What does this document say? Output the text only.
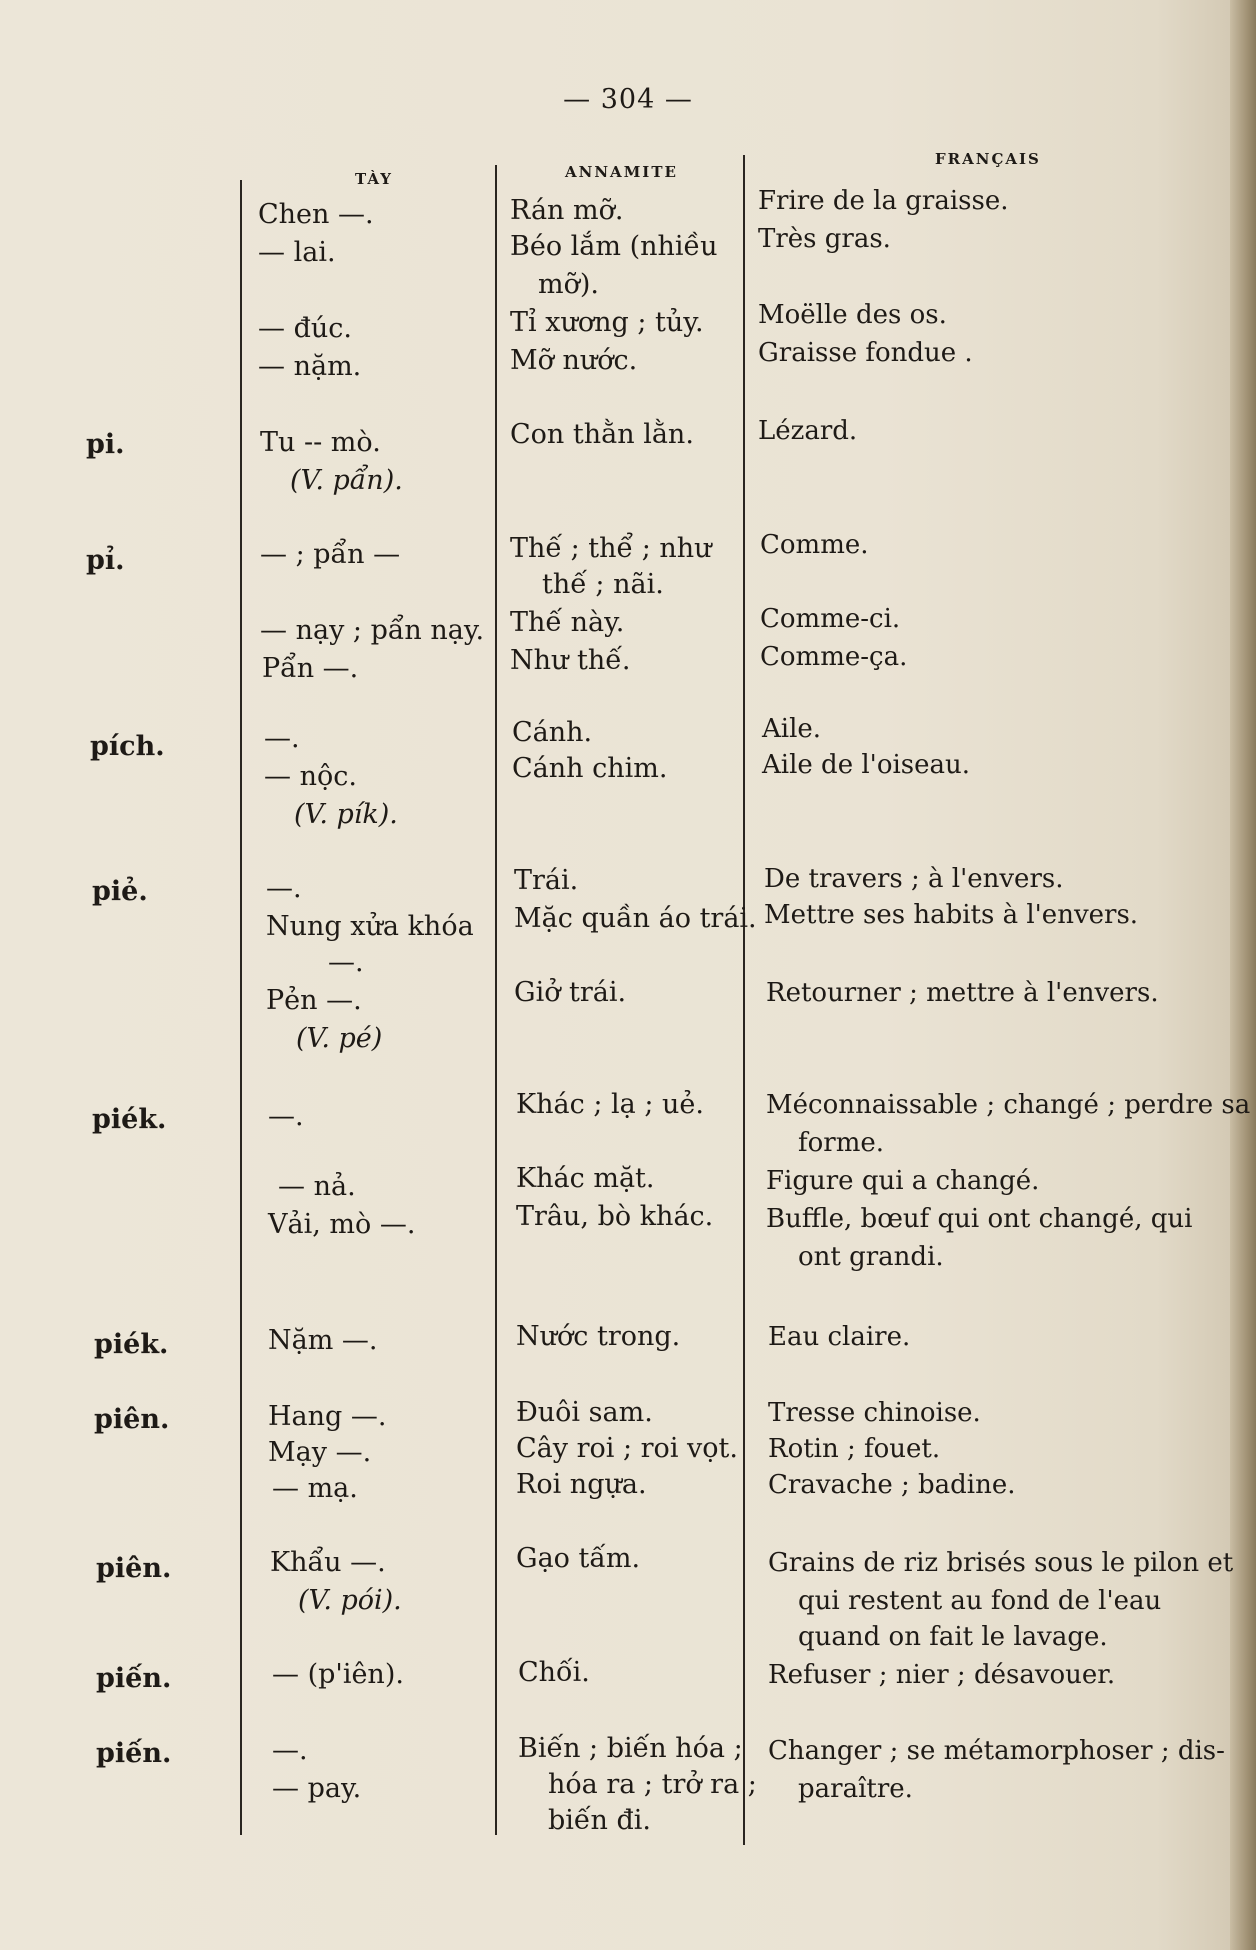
— 304 —
TÀY	ANNAMITE
FRANÇAIS
pi.
pỉ.
pích.
piẻ.
piék.
piék.
piên.
piên.
piến.
piến.
Chen —.
— lai.
— đúc.
— nặm.
Tu -- mò.
(V. pẩn).
— ; pẩn —
— nạy ; pẩn nạy.
Pẩn —.
—.
— nộc.
(V. pík).
—.
Nung xửa khóa
—.
Pẻn —.
(V. pé)
—.
— nả.
Vải, mò —.
Nặm —.
Hang —.
Mạy —.
— mạ.
Khẩu —.
(V. pói).
— (p'iên).
—.
— pay.
Rán mỡ.
Béo lắm (nhiều
mỡ).
Tỉ xương ; tủy.
Mỡ nước.
Con thằn lằn.
Thế ; thể ; như
thế ; nãi.
Thế này.
Như thế.
Cánh.
Cánh chim.
Trái.
Mặc quần áo trái.
Giở trái.
Khác ; lạ ; uẻ.
Khác mặt.
Trâu, bò khác.
Nước trong.
Đuôi sam.
Cây roi ; roi vọt.
Roi ngựa.
Gạo tấm.
Chối.
Biến ; biến hóa ;
hóa ra ; trở ra ;
biến đi.
Frire de la graisse.
Très gras.
Moëlle des os.
Graisse fondue .
Lézard.
Comme.
Comme-ci.
Comme-ça.
Aile.
Aile de l'oiseau.
De travers ; à l'envers.
Mettre ses habits à l'envers.
Retourner ; mettre à l'envers.
Méconnaissable ; changé ; perdre sa
forme.
Figure qui a changé.
Buffle, bœuf qui ont changé, qui
ont grandi.
Eau claire.
Tresse chinoise.
Rotin ; fouet.
Cravache ; badine.
Grains de riz brisés sous le pilon et
qui restent au fond de l'eau
quand on fait le lavage.
Refuser ; nier ; désavouer.
Changer ; se métamorphoser ; dis-
paraître.
